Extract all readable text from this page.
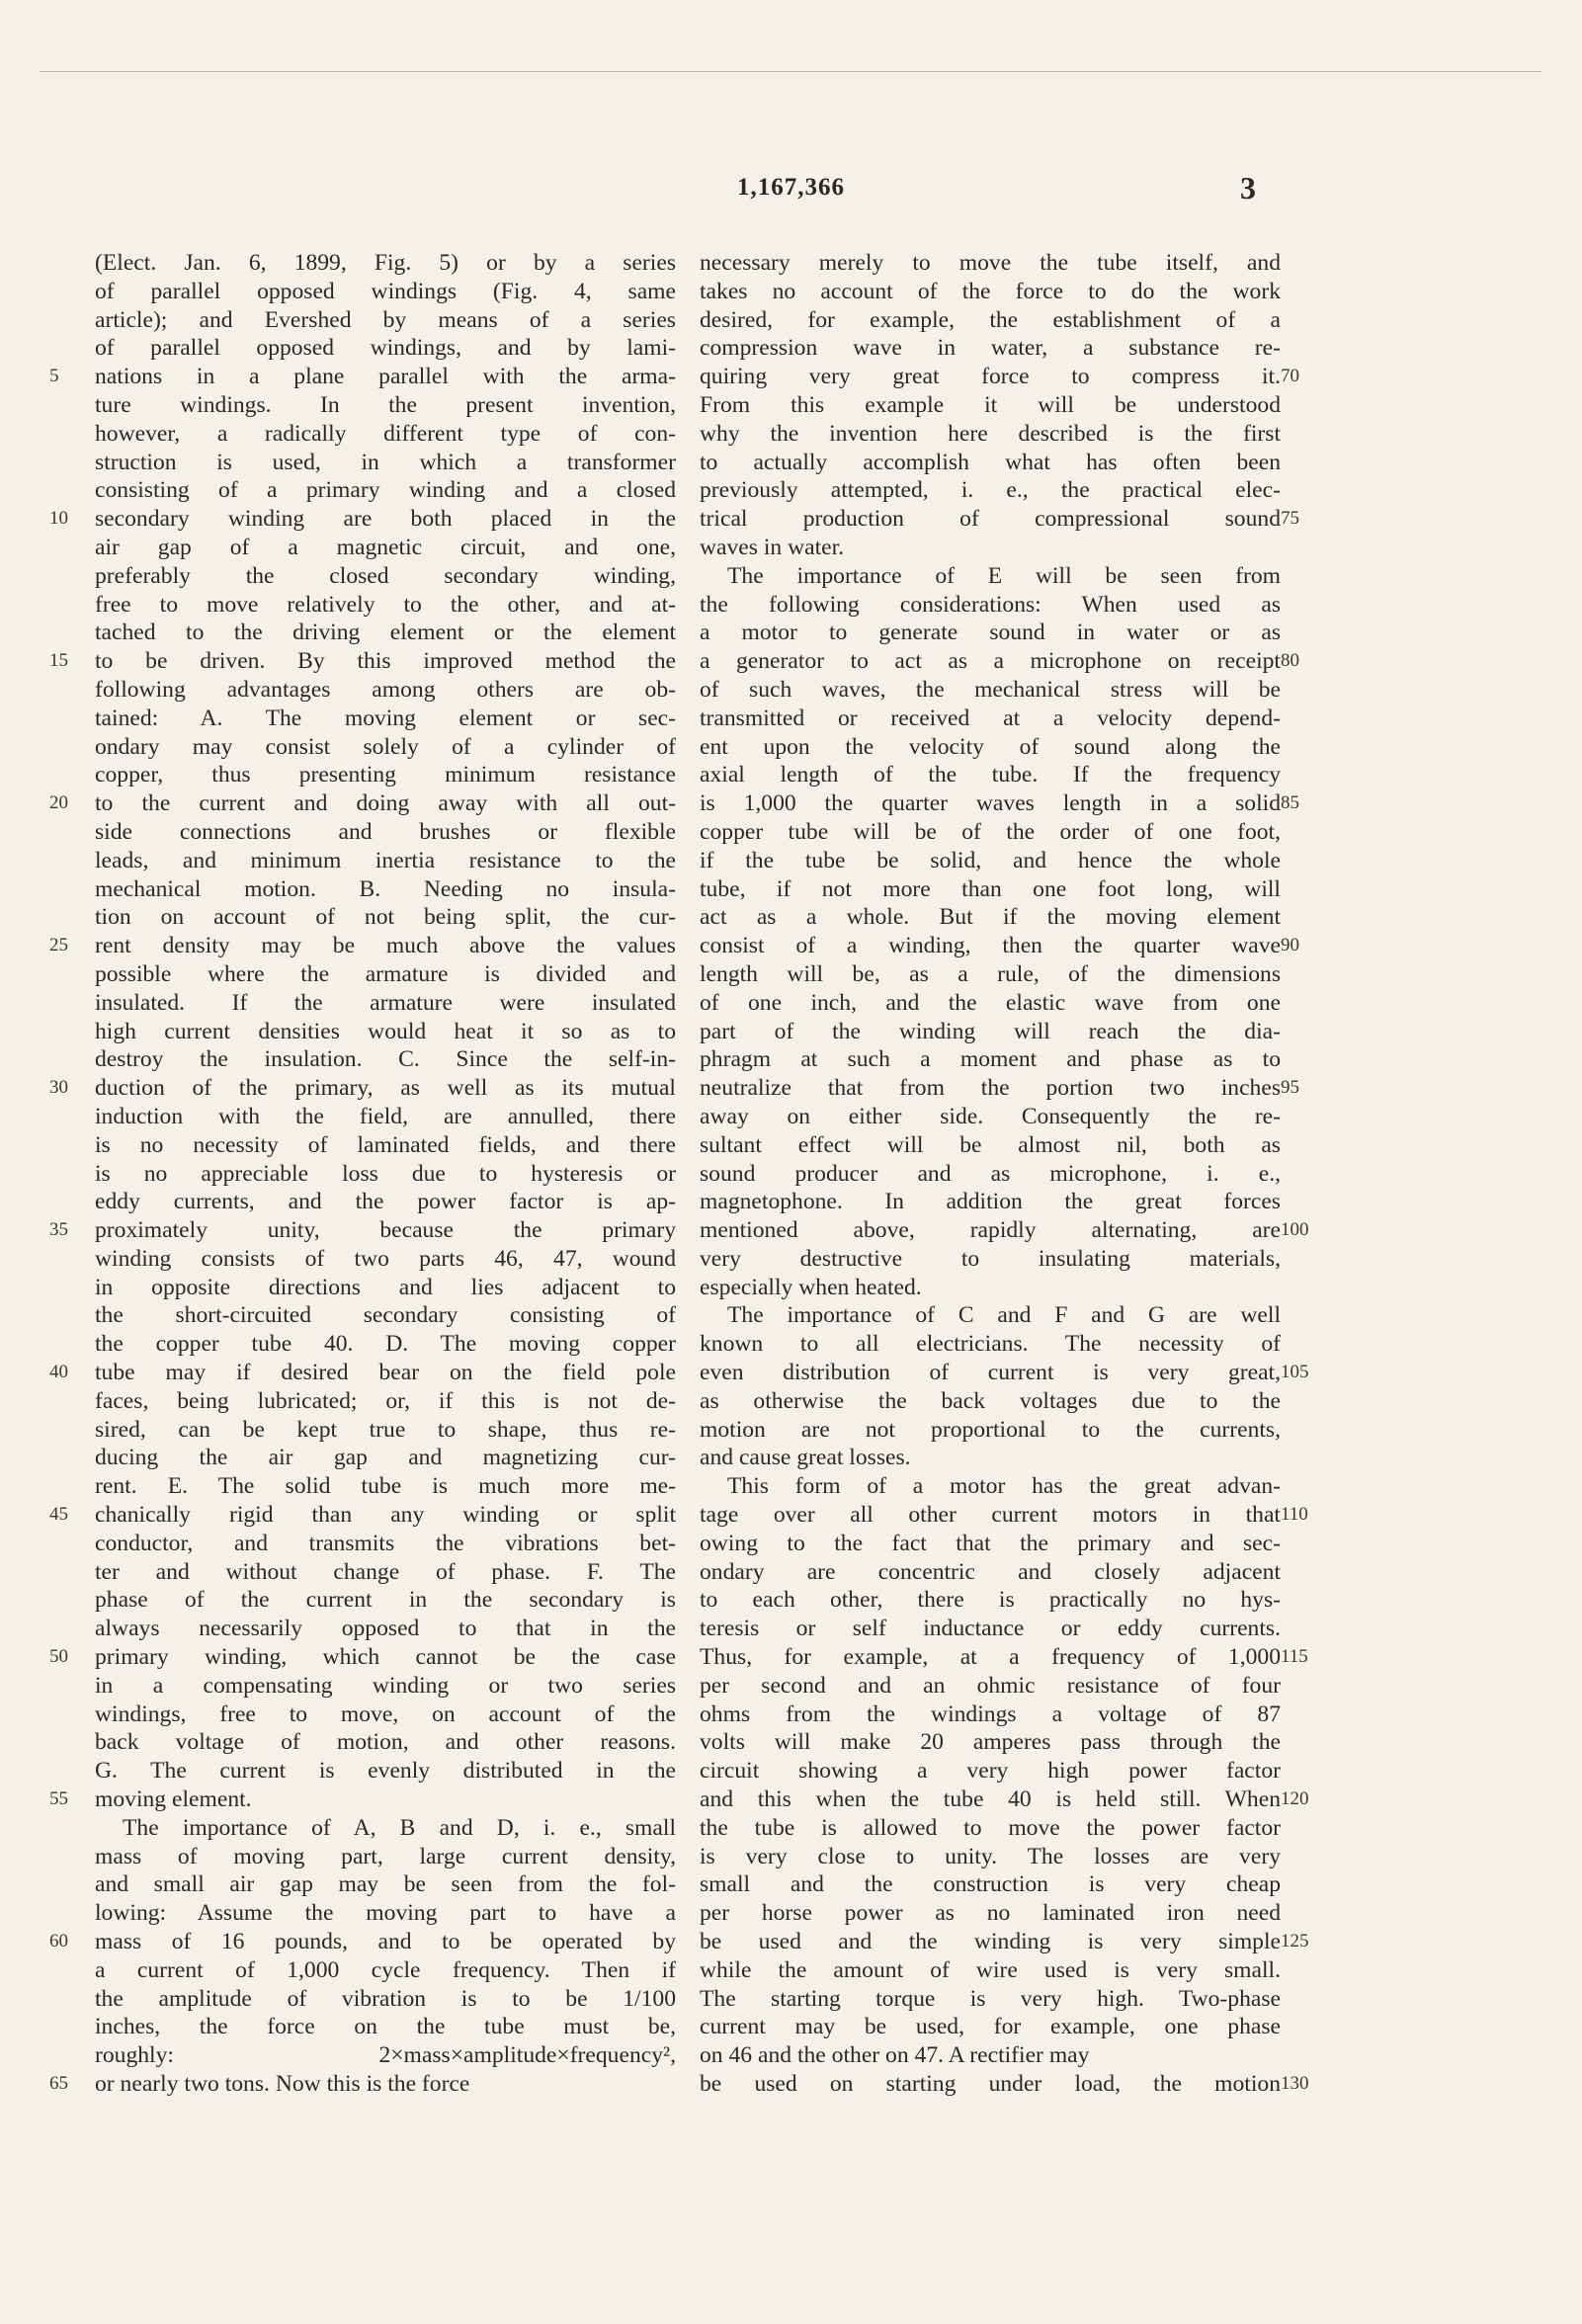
1,167,366	3
(Elect. Jan. 6, 1899, Fig. 5) or by a series
of parallel opposed windings (Fig. 4, same
article); and Evershed by means of a series
of parallel opposed windings, and by lami-
nations in a plane parallel with the arma-
ture windings. In the present invention,
however, a radically different type of con-
struction is used, in which a transformer
consisting of a primary winding and a closed
secondary winding are both placed in the
air gap of a magnetic circuit, and one,
preferably the closed secondary winding,
free to move relatively to the other, and at-
tached to the driving element or the element
to be driven. By this improved method the
following advantages among others are ob-
tained: A. The moving element or sec-
ondary may consist solely of a cylinder of
copper, thus presenting minimum resistance
to the current and doing away with all out-
side connections and brushes or flexible
leads, and minimum inertia resistance to the
mechanical motion. B. Needing no insula-
tion on account of not being split, the cur-
rent density may be much above the values
possible where the armature is divided and
insulated. If the armature were insulated
high current densities would heat it so as to
destroy the insulation. C. Since the self-in-
duction of the primary, as well as its mutual
induction with the field, are annulled, there
is no necessity of laminated fields, and there
is no appreciable loss due to hysteresis or
eddy currents, and the power factor is ap-
proximately unity, because the primary
winding consists of two parts 46, 47, wound
in opposite directions and lies adjacent to
the short-circuited secondary consisting of
the copper tube 40. D. The moving copper
tube may if desired bear on the field pole
faces, being lubricated; or, if this is not de-
sired, can be kept true to shape, thus re-
ducing the air gap and magnetizing cur-
rent. E. The solid tube is much more me-
chanically rigid than any winding or split
conductor, and transmits the vibrations bet-
ter and without change of phase. F. The
phase of the current in the secondary is
always necessarily opposed to that in the
primary winding, which cannot be the case
in a compensating winding or two series
windings, free to move, on account of the
back voltage of motion, and other reasons.
G. The current is evenly distributed in the
moving element.
The importance of A, B and D, i. e., small
mass of moving part, large current density,
and small air gap may be seen from the fol-
lowing: Assume the moving part to have a
mass of 16 pounds, and to be operated by
a current of 1,000 cycle frequency. Then if
the amplitude of vibration is to be 1/100
inches, the force on the tube must be,
roughly: 2×mass×amplitude×frequency²,
or nearly two tons. Now this is the force
necessary merely to move the tube itself, and
takes no account of the force to do the work
desired, for example, the establishment of a
compression wave in water, a substance re-
quiring very great force to compress it.
From this example it will be understood
why the invention here described is the first
to actually accomplish what has often been
previously attempted, i. e., the practical elec-
trical production of compressional sound
waves in water.
The importance of E will be seen from
the following considerations: When used as
a motor to generate sound in water or as
a generator to act as a microphone on receipt
of such waves, the mechanical stress will be
transmitted or received at a velocity depend-
ent upon the velocity of sound along the
axial length of the tube. If the frequency
is 1,000 the quarter waves length in a solid
copper tube will be of the order of one foot,
if the tube be solid, and hence the whole
tube, if not more than one foot long, will
act as a whole. But if the moving element
consist of a winding, then the quarter wave
length will be, as a rule, of the dimensions
of one inch, and the elastic wave from one
part of the winding will reach the dia-
phragm at such a moment and phase as to
neutralize that from the portion two inches
away on either side. Consequently the re-
sultant effect will be almost nil, both as
sound producer and as microphone, i. e.,
magnetophone. In addition the great forces
mentioned above, rapidly alternating, are
very destructive to insulating materials,
especially when heated.
The importance of C and F and G are well
known to all electricians. The necessity of
even distribution of current is very great,
as otherwise the back voltages due to the
motion are not proportional to the currents,
and cause great losses.
This form of a motor has the great advan-
tage over all other current motors in that
owing to the fact that the primary and sec-
ondary are concentric and closely adjacent
to each other, there is practically no hys-
teresis or self inductance or eddy currents.
Thus, for example, at a frequency of 1,000
per second and an ohmic resistance of four
ohms from the windings a voltage of 87
volts will make 20 amperes pass through the
circuit showing a very high power factor
and this when the tube 40 is held still. When
the tube is allowed to move the power factor
is very close to unity. The losses are very
small and the construction is very cheap
per horse power as no laminated iron need
be used and the winding is very simple
while the amount of wire used is very small.
The starting torque is very high. Two-phase
current may be used, for example, one phase
on 46 and the other on 47. A rectifier may
be used on starting under load, the motion
5
10
15
20
25
30
35
40
45
50
55
60
65
70
75
80
85
90
95
100
105
110
115
120
125
130
